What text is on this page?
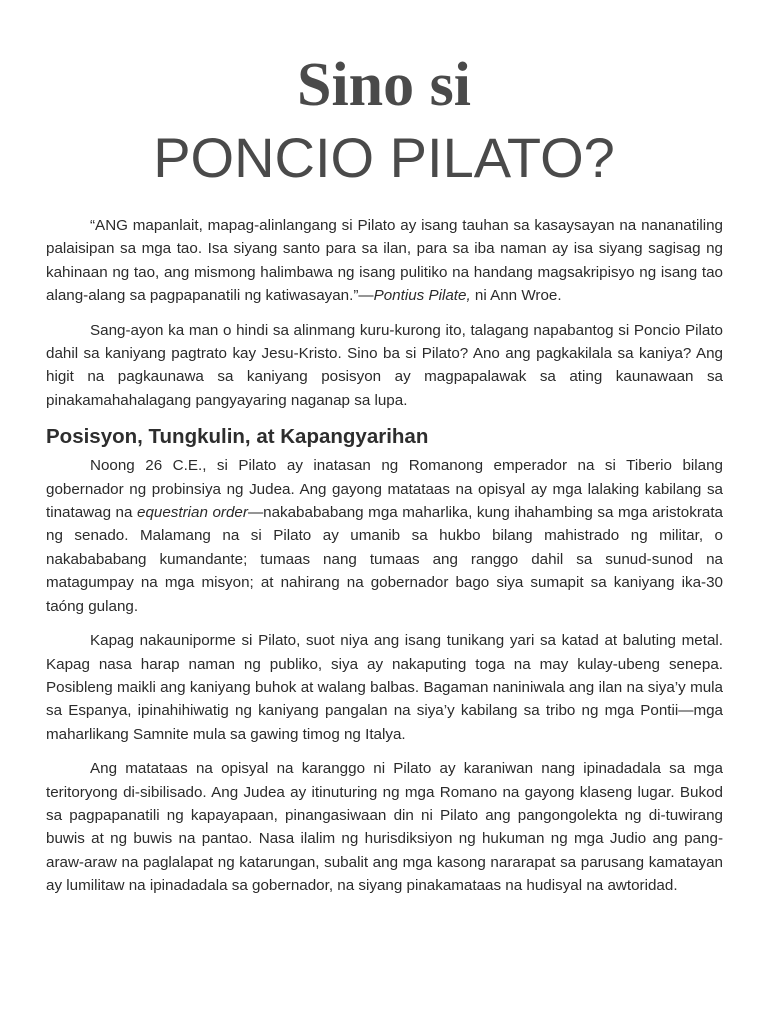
Sino si
PONCIO PILATO?

“ANG mapanlait, mapag-alinlangang si Pilato ay isang tauhan sa kasaysayan na nananatiling palaisipan sa mga tao. Isa siyang santo para sa ilan, para sa iba naman ay isa siyang sagisag ng kahinaan ng tao, ang mismong halimbawa ng isang pulitiko na handang magsakripisyo ng isang tao alang-alang sa pagpapanatili ng katiwasayan.”—Pontius Pilate, ni Ann Wroe.

Sang-ayon ka man o hindi sa alinmang kuru-kurong ito, talagang napabantog si Poncio Pilato dahil sa kaniyang pagtrato kay Jesu-Kristo. Sino ba si Pilato? Ano ang pagkakilala sa kaniya? Ang higit na pagkaunawa sa kaniyang posisyon ay magpapalawak sa ating kaunawaan sa pinakamahahalagang pangyayaring naganap sa lupa.

Posisyon, Tungkulin, at Kapangyarihan

Noong 26 C.E., si Pilato ay inatasan ng Romanong emperador na si Tiberio bilang gobernador ng probinsiya ng Judea. Ang gayong matataas na opisyal ay mga lalaking kabilang sa tinatawag na equestrian order—nakabababang mga maharlika, kung ihahambing sa mga aristokrata ng senado. Malamang na si Pilato ay umanib sa hukbo bilang mahistrado ng militar, o nakabababang kumandante; tumaas nang tumaas ang ranggo dahil sa sunud-sunod na matagumpay na mga misyon; at nahirang na gobernador bago siya sumapit sa kaniyang ika-30 taóng gulang.

Kapag nakauniporme si Pilato, suot niya ang isang tunikang yari sa katad at baluting metal. Kapag nasa harap naman ng publiko, siya ay nakaputing toga na may kulay-ubeng senepa. Posibleng maikli ang kaniyang buhok at walang balbas. Bagaman naniniwala ang ilan na siya’y mula sa Espanya, ipinahihiwatig ng kaniyang pangalan na siya’y kabilang sa tribo ng mga Pontii—mga maharlikang Samnite mula sa gawing timog ng Italya.

Ang matataas na opisyal na karanggo ni Pilato ay karaniwan nang ipinadadala sa mga teritoryong di-sibilisado. Ang Judea ay itinuturing ng mga Romano na gayong klaseng lugar. Bukod sa pagpapanatili ng kapayapaan, pinangasiwaan din ni Pilato ang pangongolekta ng di-tuwirang buwis at ng buwis na pantao. Nasa ilalim ng hurisdiksiyon ng hukuman ng mga Judio ang pang-araw-araw na paglalapat ng katarungan, subalit ang mga kasong nararapat sa parusang kamatayan ay lumilitaw na ipinadadala sa gobernador, na siyang pinakamataas na hudisyal na awtoridad.
